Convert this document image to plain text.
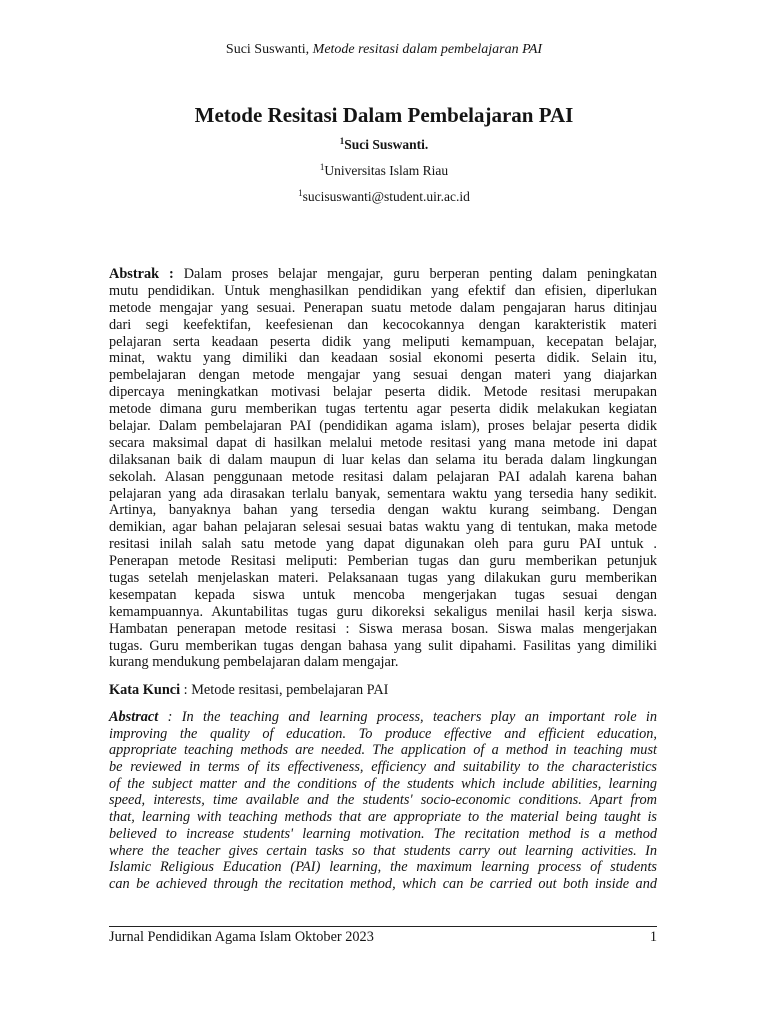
Suci Suswanti, Metode resitasi dalam pembelajaran PAI
Metode Resitasi Dalam Pembelajaran PAI
$^1$Suci Suswanti.
$^1$Universitas Islam Riau
$^1$sucisuswanti@student.uir.ac.id
Abstrak : Dalam proses belajar mengajar, guru berperan penting dalam peningkatan
mutu pendidikan. Untuk menghasilkan pendidikan yang efektif dan efisien, diperlukan
metode mengajar yang sesuai. Penerapan suatu metode dalam pengajaran harus ditinjau
dari segi keefektifan, keefesienan dan kecocokannya dengan karakteristik materi
pelajaran serta keadaan peserta didik yang meliputi kemampuan, kecepatan belajar,
minat, waktu yang dimiliki dan keadaan sosial ekonomi peserta didik. Selain itu,
pembelajaran dengan metode mengajar yang sesuai dengan materi yang diajarkan
dipercaya meningkatkan motivasi belajar peserta didik. Metode resitasi merupakan
metode dimana guru memberikan tugas tertentu agar peserta didik melakukan kegiatan
belajar. Dalam pembelajaran PAI (pendidikan agama islam), proses belajar peserta didik
secara maksimal dapat di hasilkan melalui metode resitasi yang mana metode ini dapat
dilaksanan baik di dalam maupun di luar kelas dan selama itu berada dalam lingkungan
sekolah. Alasan penggunaan metode resitasi dalam pelajaran PAI adalah karena bahan
pelajaran yang ada dirasakan terlalu banyak, sementara waktu yang tersedia hany sedikit.
Artinya, banyaknya bahan yang tersedia dengan waktu kurang seimbang. Dengan
demikian, agar bahan pelajaran selesai sesuai batas waktu yang di tentukan, maka metode
resitasi inilah salah satu metode yang dapat digunakan oleh para guru PAI untuk .
Penerapan metode Resitasi meliputi: Pemberian tugas dan guru memberikan petunjuk
tugas setelah menjelaskan materi. Pelaksanaan tugas yang dilakukan guru memberikan
kesempatan kepada siswa untuk mencoba mengerjakan tugas sesuai dengan
kemampuannya. Akuntabilitas tugas guru dikoreksi sekaligus menilai hasil kerja siswa.
Hambatan penerapan metode resitasi : Siswa merasa bosan. Siswa malas mengerjakan
tugas. Guru memberikan tugas dengan bahasa yang sulit dipahami. Fasilitas yang dimiliki
kurang mendukung pembelajaran dalam mengajar.
Kata Kunci : Metode resitasi, pembelajaran PAI
Abstract : In the teaching and learning process, teachers play an important role in
improving the quality of education. To produce effective and efficient education,
appropriate teaching methods are needed. The application of a method in teaching must
be reviewed in terms of its effectiveness, efficiency and suitability to the characteristics
of the subject matter and the conditions of the students which include abilities, learning
speed, interests, time available and the students' socio-economic conditions. Apart from
that, learning with teaching methods that are appropriate to the material being taught is
believed to increase students' learning motivation. The recitation method is a method
where the teacher gives certain tasks so that students carry out learning activities. In
Islamic Religious Education (PAI) learning, the maximum learning process of students
can be achieved through the recitation method, which can be carried out both inside and
Jurnal Pendidikan Agama Islam Oktober 2023	1
